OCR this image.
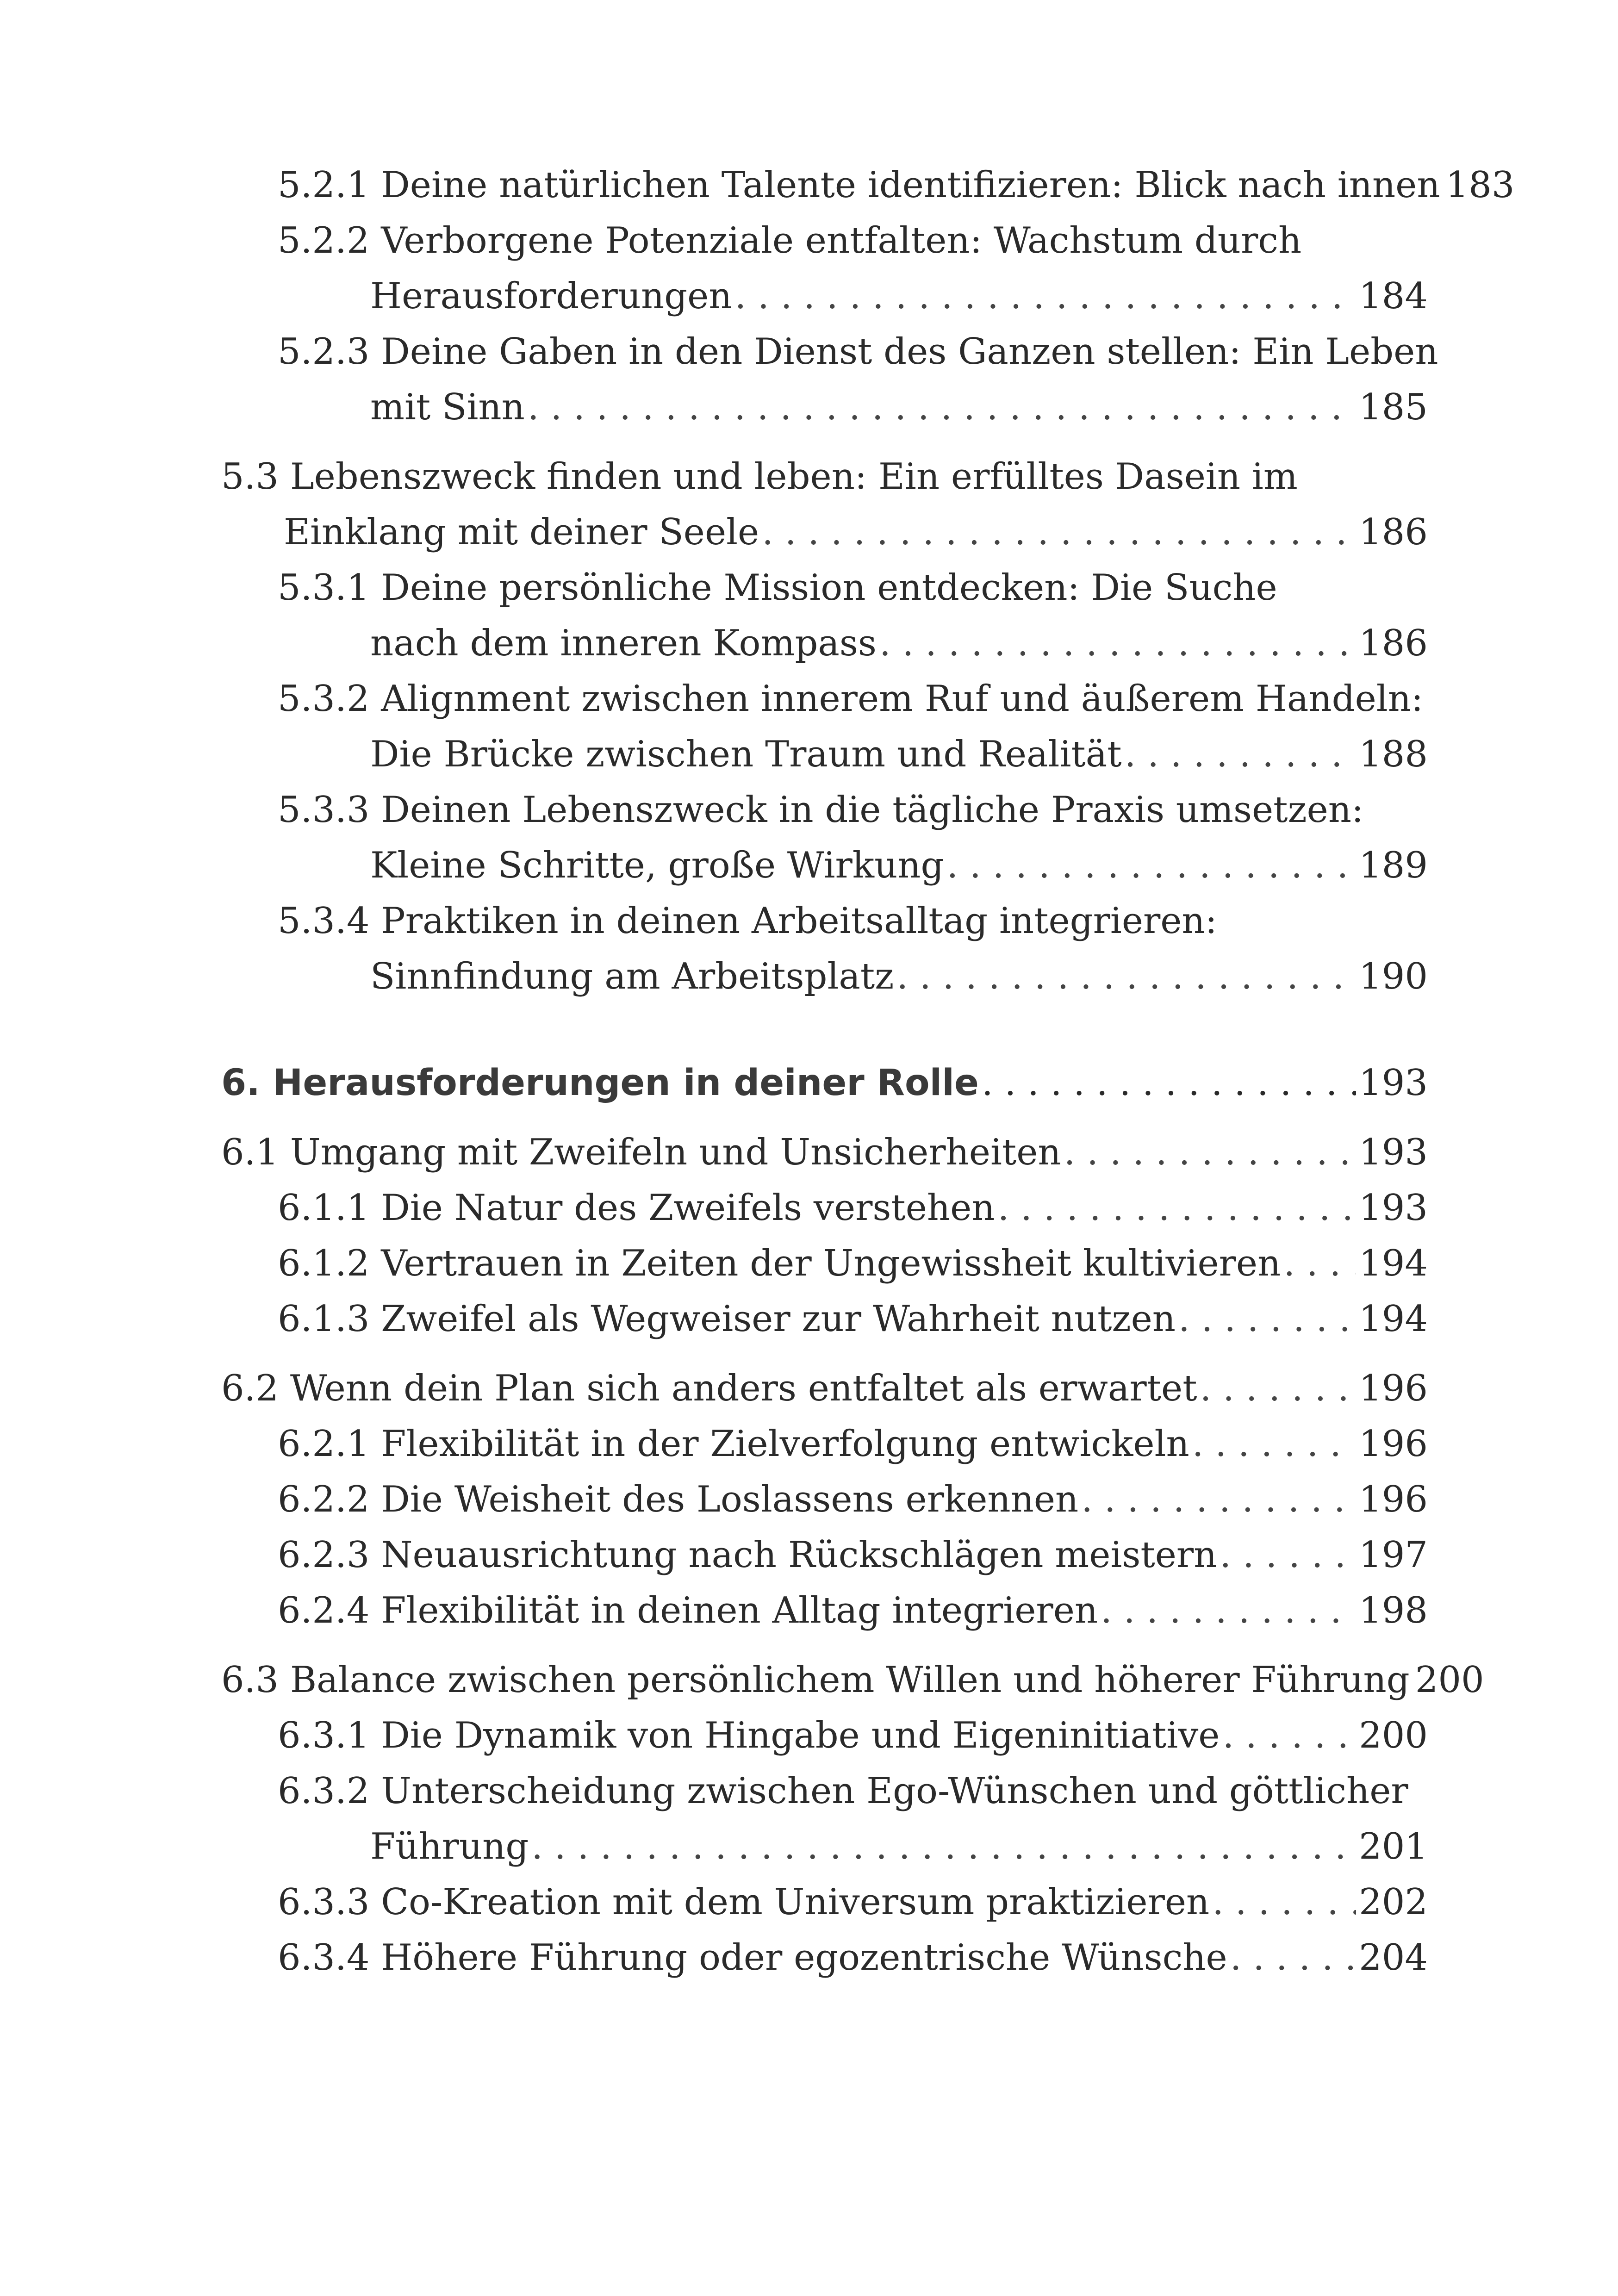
5.2.1 Deine natürlichen Talente identifizieren: Blick nach innen 183
5.2.2 Verborgene Potenziale entfalten: Wachstum durch
Herausforderungen . . .	184
5.2.3 Deine Gaben in den Dienst des Ganzen stellen: Ein Leben
mit Sinn . . .	185
5.3 Lebenszweck finden und leben: Ein erfülltes Dasein im
Einklang mit deiner Seele . . .	186
5.3.1 Deine persönliche Mission entdecken: Die Suche
nach dem inneren Kompass . . .	186
5.3.2 Alignment zwischen innerem Ruf und äußerem Handeln:
Die Brücke zwischen Traum und Realität . . .	188
5.3.3 Deinen Lebenszweck in die tägliche Praxis umsetzen:
Kleine Schritte, große Wirkung . . .	189
5.3.4 Praktiken in deinen Arbeitsalltag integrieren:
Sinnfindung am Arbeitsplatz . . .	190
6. Herausforderungen in deiner Rolle . . .	193
6.1 Umgang mit Zweifeln und Unsicherheiten . . .	193
6.1.1 Die Natur des Zweifels verstehen . . .	193
6.1.2 Vertrauen in Zeiten der Ungewissheit kultivieren . . . 194
6.1.3 Zweifel als Wegweiser zur Wahrheit nutzen . . .	194
6.2 Wenn dein Plan sich anders entfaltet als erwartet . . .	196
6.2.1 Flexibilität in der Zielverfolgung entwickeln . . .	196
6.2.2 Die Weisheit des Loslassens erkennen . . .	196
6.2.3 Neuausrichtung nach Rückschlägen meistern . . .	197
6.2.4 Flexibilität in deinen Alltag integrieren . . .	198
6.3 Balance zwischen persönlichem Willen und höherer Führung 200
6.3.1 Die Dynamik von Hingabe und Eigeninitiative . . .	200
6.3.2 Unterscheidung zwischen Ego-Wünschen und göttlicher
Führung . . .	201
6.3.3 Co-Kreation mit dem Universum praktizieren . . .	202
6.3.4 Höhere Führung oder egozentrische Wünsche . . .	204
